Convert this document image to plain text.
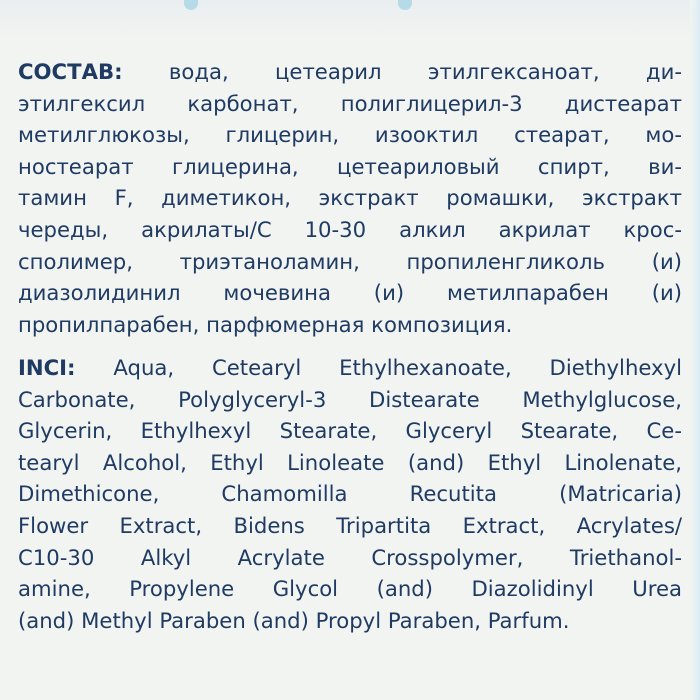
СОСТАВ: вода, цетеарил этилгексаноат, ди-
этилгексил карбонат, полиглицерил-3 дистеарат
метилглюкозы, глицерин, изооктил стеарат, мо-
ностеарат глицерина, цетеариловый спирт, ви-
тамин F, диметикон, экстракт ромашки, экстракт
череды, акрилаты/C 10-30 алкил акрилат крос-
сполимер, триэтаноламин, пропиленгликоль (и)
диазолидинил мочевина (и) метилпарабен (и)
пропилпарабен, парфюмерная композиция.
INCI: Aqua, Cetearyl Ethylhexanoate, Diethylhexyl
Carbonate, Polyglyceryl-3 Distearate Methylglucose,
Glycerin, Ethylhexyl Stearate, Glyceryl Stearate, Ce-
tearyl Alcohol, Ethyl Linoleate (and) Ethyl Linolenate,
Dimethicone, Chamomilla Recutita (Matricaria)
Flower Extract, Bidens Tripartita Extract, Acrylates/
C10-30 Alkyl Acrylate Crosspolymer, Triethanol-
amine, Propylene Glycol (and) Diazolidinyl Urea
(and) Methyl Paraben (and) Propyl Paraben, Parfum.
